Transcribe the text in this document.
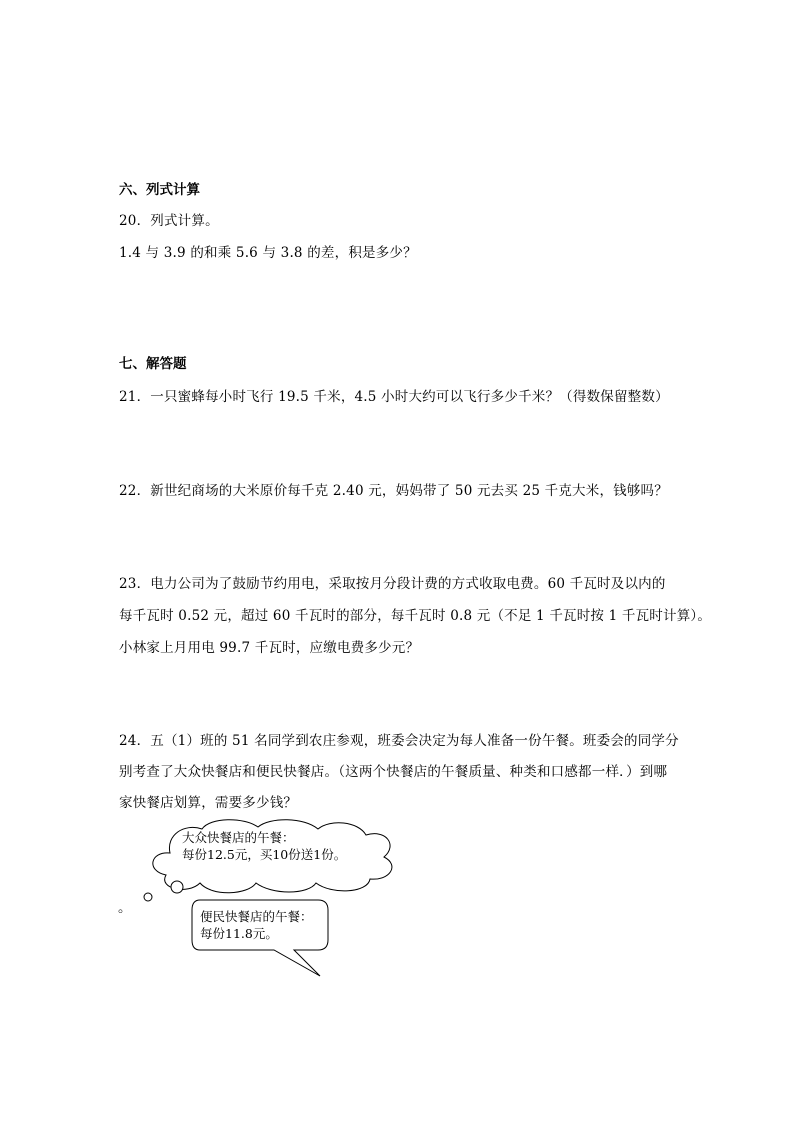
六、列式计算
20．列式计算。
1.4 与 3.9 的和乘 5.6 与 3.8 的差，积是多少？
七、解答题
21．一只蜜蜂每小时飞行 19.5 千米，4.5 小时大约可以飞行多少千米？（得数保留整数）
22．新世纪商场的大米原价每千克 2.40 元，妈妈带了 50 元去买 25 千克大米，钱够吗？
23．电力公司为了鼓励节约用电，采取按月分段计费的方式收取电费。60 千瓦时及以内的
每千瓦时 0.52 元，超过 60 千瓦时的部分，每千瓦时 0.8 元（不足 1 千瓦时按 1 千瓦时计算）。
小林家上月用电 99.7 千瓦时，应缴电费多少元？
24．五（1）班的 51 名同学到农庄参观，班委会决定为每人准备一份午餐。班委会的同学分
别考查了大众快餐店和便民快餐店。（这两个快餐店的午餐质量、种类和口感都一样．）到哪
家快餐店划算，需要多少钱？
大众快餐店的午餐：
每份12.5元，买10份送1份。
。
便民快餐店的午餐：
每份11.8元。
